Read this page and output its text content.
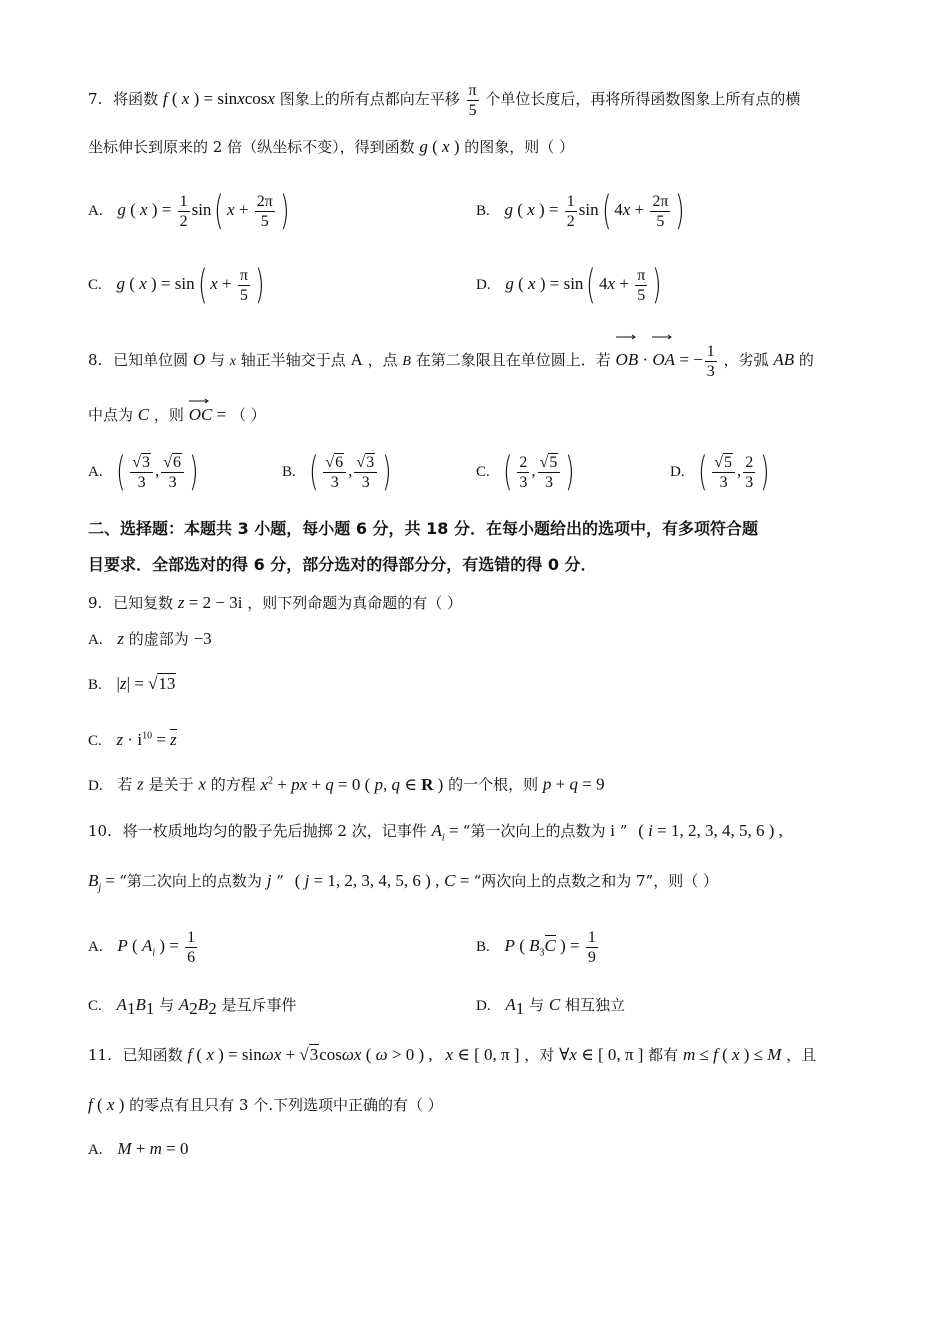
7. 将函数 f ( x ) = sinxcosx 图象上的所有点都向左平移 $\frac{\pi}{5}$ 个单位长度后，再将所得函数图象上所有点的横
坐标伸长到原来的 2 倍（纵坐标不变），得到函数 g ( x ) 的图象，则（ ）
A. g ( x ) = $\frac{1}{2} \sin$( $x + \frac{2\pi}{5}$ )	B. g ( x ) = $\frac{1}{2} \sin$( $4x + \frac{2\pi}{5}$ )
C. g ( x ) = sin( $x + \frac{\pi}{5}$ )	D. g ( x ) = sin( $4x + \frac{\pi}{5}$ )
8. 已知单位圆 O 与 x 轴正半轴交于点 A ，点 B 在第二象限且在单位圆上．若 OB
· OA
= − $\frac{1}{3}$ ，劣弧 AB 的
中点为 C ，则 OC
= （ ）
A. ( $\frac{√3}{3}$ , $\frac{√6}{3}$ )	B. ( $\frac{√6}{3}$ , $\frac{√3}{3}$ )	C. ( $\frac{2}{3}$ , $\frac{√5}{3}$ )	D. ( $\frac{√5}{3}$ , $\frac{2}{3}$ )
二、选择题：本题共 3 小题，每小题 6 分，共 18 分．在每小题给出的选项中，有多项符合题
目要求．全部选对的得 6 分，部分选对的得部分分，有选错的得 0 分．
9. 已知复数 z = 2 − 3i ，则下列命题为真命题的有（ ）
A. z 的虚部为 −3
B. |z| = √13
C. $z \cdot i^{10} = z$
D. 若 z 是关于 x 的方程 $x^2$ + px + q = 0 ( p, q ∈ R ) 的一个根，则 p + q = 9
10. 将一枚质地均匀的骰子先后抛掷 2 次，记事件 $A_i$ = “第一次向上的点数为 i ” ( i = 1, 2, 3, 4, 5, 6 ) ,
$B_j$ = “第二次向上的点数为 j ” ( j = 1, 2, 3, 4, 5, 6 ) , C = “两次向上的点数之和为 7”，则（ ）
A. P ( $A_i$ ) = $\frac{1}{6}$	B. P ( $B_3C$ ) = $\frac{1}{9}$
C. $A_1B_1$ 与 $A_2B_2$ 是互斥事件	D. $A_1$ 与 C 相互独立
11. 已知函数 f ( x ) = sinωx + √3cosωx ( ω > 0 ) , x ∈ [ 0, π ] ，对 ∀x ∈ [ 0, π ] 都有 m ≤ f ( x ) ≤ M ，且
f ( x ) 的零点有且只有 3 个.下列选项中正确的有（ ）
A. M + m = 0
